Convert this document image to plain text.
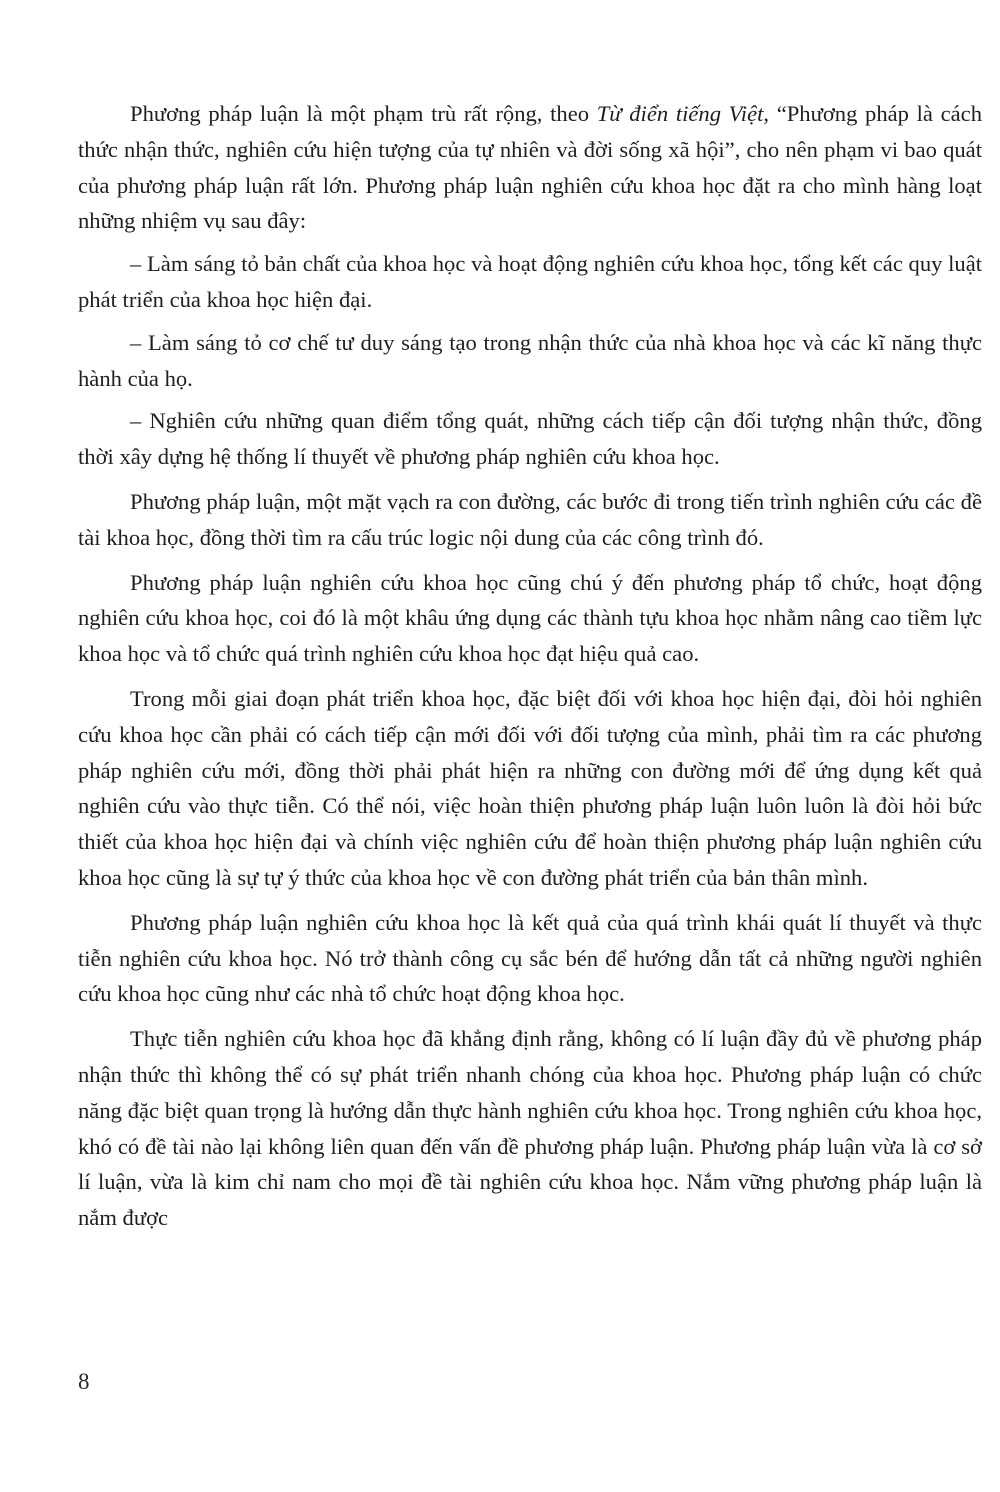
Phương pháp luận là một phạm trù rất rộng, theo Từ điển tiếng Việt, “Phương pháp là cách thức nhận thức, nghiên cứu hiện tượng của tự nhiên và đời sống xã hội”, cho nên phạm vi bao quát của phương pháp luận rất lớn. Phương pháp luận nghiên cứu khoa học đặt ra cho mình hàng loạt những nhiệm vụ sau đây:

– Làm sáng tỏ bản chất của khoa học và hoạt động nghiên cứu khoa học, tổng kết các quy luật phát triển của khoa học hiện đại.

– Làm sáng tỏ cơ chế tư duy sáng tạo trong nhận thức của nhà khoa học và các kĩ năng thực hành của họ.

– Nghiên cứu những quan điểm tổng quát, những cách tiếp cận đối tượng nhận thức, đồng thời xây dựng hệ thống lí thuyết về phương pháp nghiên cứu khoa học.

Phương pháp luận, một mặt vạch ra con đường, các bước đi trong tiến trình nghiên cứu các đề tài khoa học, đồng thời tìm ra cấu trúc logic nội dung của các công trình đó.

Phương pháp luận nghiên cứu khoa học cũng chú ý đến phương pháp tổ chức, hoạt động nghiên cứu khoa học, coi đó là một khâu ứng dụng các thành tựu khoa học nhằm nâng cao tiềm lực khoa học và tổ chức quá trình nghiên cứu khoa học đạt hiệu quả cao.

Trong mỗi giai đoạn phát triển khoa học, đặc biệt đối với khoa học hiện đại, đòi hỏi nghiên cứu khoa học cần phải có cách tiếp cận mới đối với đối tượng của mình, phải tìm ra các phương pháp nghiên cứu mới, đồng thời phải phát hiện ra những con đường mới để ứng dụng kết quả nghiên cứu vào thực tiễn. Có thể nói, việc hoàn thiện phương pháp luận luôn luôn là đòi hỏi bức thiết của khoa học hiện đại và chính việc nghiên cứu để hoàn thiện phương pháp luận nghiên cứu khoa học cũng là sự tự ý thức của khoa học về con đường phát triển của bản thân mình.

Phương pháp luận nghiên cứu khoa học là kết quả của quá trình khái quát lí thuyết và thực tiễn nghiên cứu khoa học. Nó trở thành công cụ sắc bén để hướng dẫn tất cả những người nghiên cứu khoa học cũng như các nhà tổ chức hoạt động khoa học.

Thực tiễn nghiên cứu khoa học đã khẳng định rằng, không có lí luận đầy đủ về phương pháp nhận thức thì không thể có sự phát triển nhanh chóng của khoa học. Phương pháp luận có chức năng đặc biệt quan trọng là hướng dẫn thực hành nghiên cứu khoa học. Trong nghiên cứu khoa học, khó có đề tài nào lại không liên quan đến vấn đề phương pháp luận. Phương pháp luận vừa là cơ sở lí luận, vừa là kim chỉ nam cho mọi đề tài nghiên cứu khoa học. Nắm vững phương pháp luận là nắm được

8
